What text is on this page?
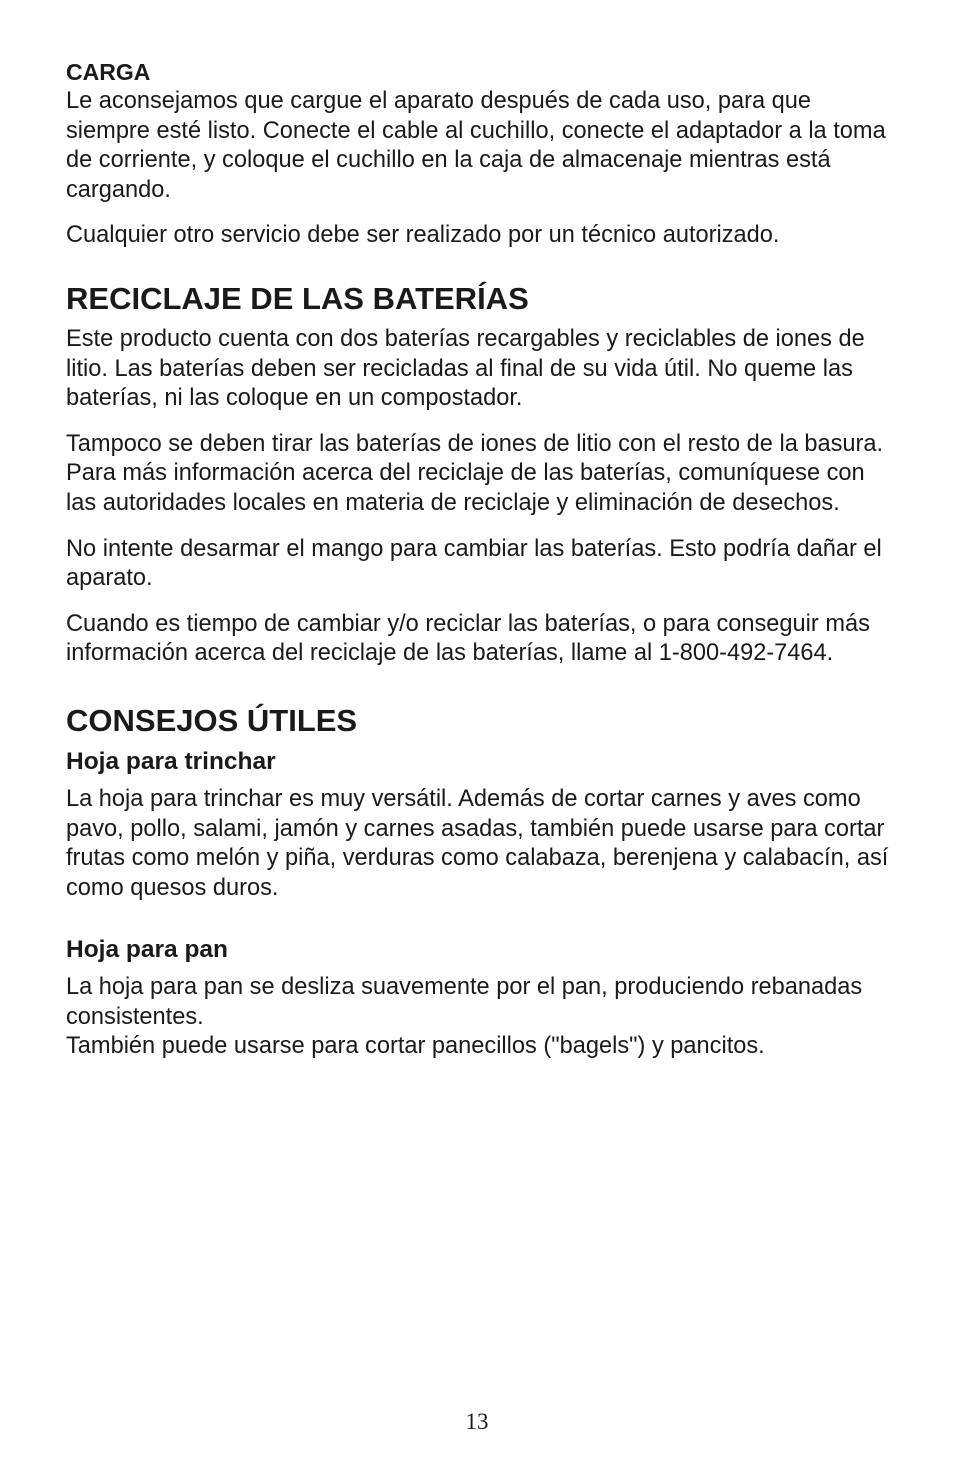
CARGA

Le aconsejamos que cargue el aparato después de cada uso, para que siempre esté listo. Conecte el cable al cuchillo, conecte el adaptador a la toma de corriente, y coloque el cuchillo en la caja de almacenaje mientras está cargando.

Cualquier otro servicio debe ser realizado por un técnico autorizado.

RECICLAJE DE LAS BATERÍAS

Este producto cuenta con dos baterías recargables y reciclables de iones de litio. Las baterías deben ser recicladas al final de su vida útil. No queme las baterías, ni las coloque en un compostador.

Tampoco se deben tirar las baterías de iones de litio con el resto de la basura. Para más información acerca del reciclaje de las baterías, comuníquese con las autoridades locales en materia de reciclaje y eliminación de desechos.

No intente desarmar el mango para cambiar las baterías. Esto podría dañar el aparato.

Cuando es tiempo de cambiar y/o reciclar las baterías, o para conseguir más información acerca del reciclaje de las baterías, llame al 1-800-492-7464.

CONSEJOS ÚTILES
Hoja para trinchar

La hoja para trinchar es muy versátil. Además de cortar carnes y aves como pavo, pollo, salami, jamón y carnes asadas, también puede usarse para cortar frutas como melón y piña, verduras como calabaza, berenjena y calabacín, así como quesos duros.

Hoja para pan

La hoja para pan se desliza suavemente por el pan, produciendo rebanadas consistentes.
También puede usarse para cortar panecillos ("bagels") y pancitos.

13
